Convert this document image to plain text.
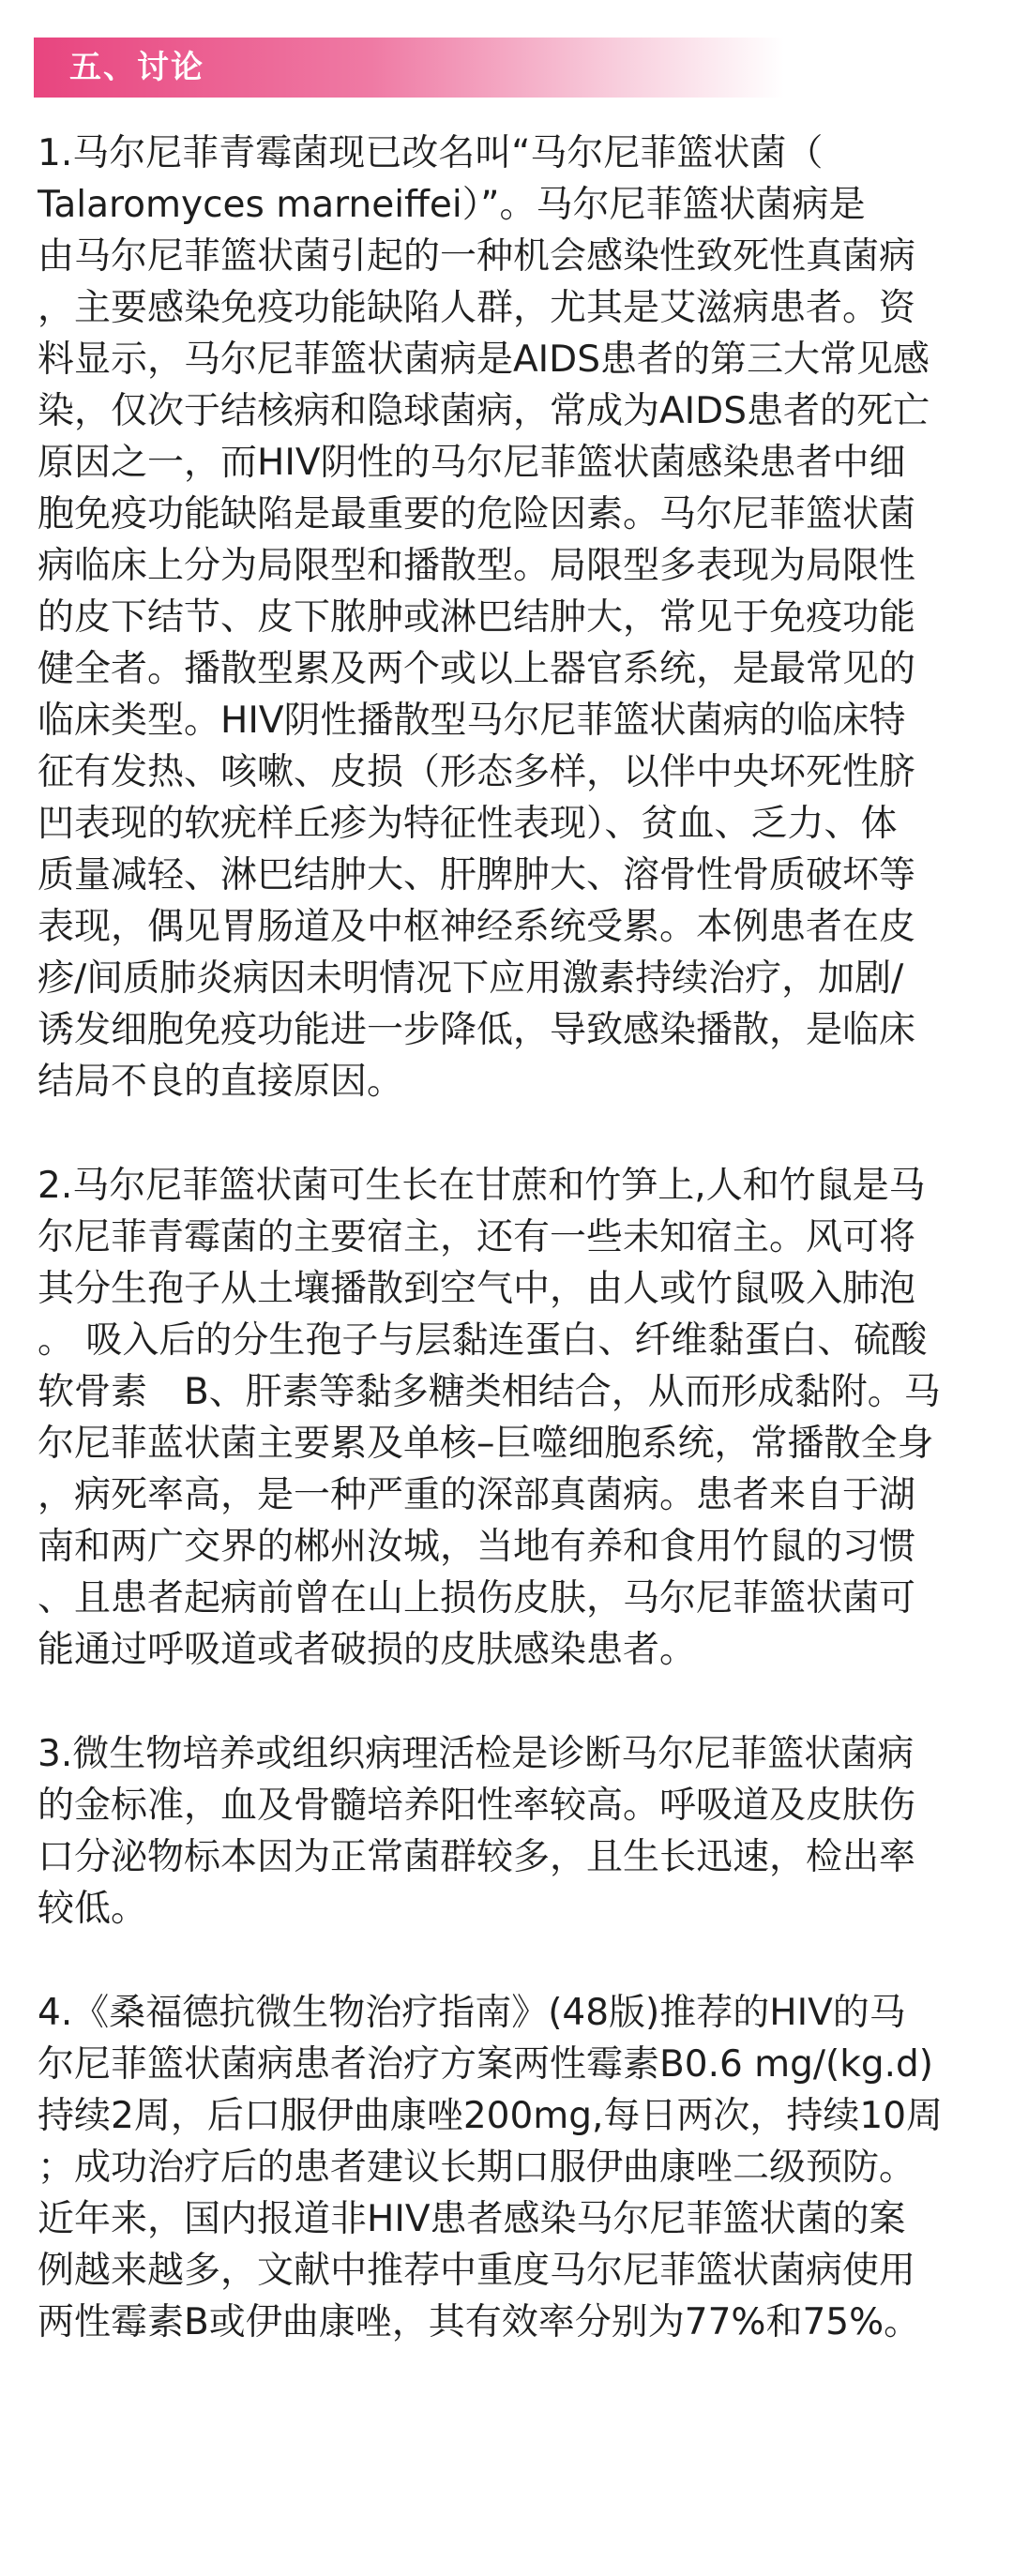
五、讨论
1.马尔尼菲青霉菌现已改名叫“马尔尼菲篮状菌（
Talaromyces marneiffei）”。马尔尼菲篮状菌病是
由马尔尼菲篮状菌引起的一种机会感染性致死性真菌病
，主要感染免疫功能缺陷人群，尤其是艾滋病患者。资
料显示，马尔尼菲篮状菌病是AIDS患者的第三大常见感
染，仅次于结核病和隐球菌病，常成为AIDS患者的死亡
原因之一，而HIV阴性的马尔尼菲篮状菌感染患者中细
胞免疫功能缺陷是最重要的危险因素。马尔尼菲篮状菌
病临床上分为局限型和播散型。局限型多表现为局限性
的皮下结节、皮下脓肿或淋巴结肿大，常见于免疫功能
健全者。播散型累及两个或以上器官系统，是最常见的
临床类型。HIV阴性播散型马尔尼菲篮状菌病的临床特
征有发热、咳嗽、皮损（形态多样，以伴中央坏死性脐
凹表现的软疣样丘疹为特征性表现）、贫血、乏力、体
质量减轻、淋巴结肿大、肝脾肿大、溶骨性骨质破坏等
表现，偶见胃肠道及中枢神经系统受累。本例患者在皮
疹/间质肺炎病因未明情况下应用激素持续治疗，加剧/
诱发细胞免疫功能进一步降低，导致感染播散，是临床
结局不良的直接原因。
2.马尔尼菲篮状菌可生长在甘蔗和竹笋上,人和竹鼠是马
尔尼菲青霉菌的主要宿主，还有一些未知宿主。风可将
其分生孢子从土壤播散到空气中，由人或竹鼠吸入肺泡
。 吸入后的分生孢子与层黏连蛋白、纤维黏蛋白、硫酸
软骨素　B、肝素等黏多糖类相结合，从而形成黏附。马
尔尼菲蓝状菌主要累及单核–巨噬细胞系统，常播散全身
，病死率高，是一种严重的深部真菌病。患者来自于湖
南和两广交界的郴州汝城，当地有养和食用竹鼠的习惯
、且患者起病前曾在山上损伤皮肤，马尔尼菲篮状菌可
能通过呼吸道或者破损的皮肤感染患者。
3.微生物培养或组织病理活检是诊断马尔尼菲篮状菌病
的金标准，血及骨髓培养阳性率较高。呼吸道及皮肤伤
口分泌物标本因为正常菌群较多，且生长迅速，检出率
较低。
4.《桑福德抗微生物治疗指南》(48版)推荐的HIV的马
尔尼菲篮状菌病患者治疗方案两性霉素B0.6 mg/(kg.d)
持续2周，后口服伊曲康唑200mg,每日两次，持续10周
；成功治疗后的患者建议长期口服伊曲康唑二级预防。
近年来，国内报道非HIV患者感染马尔尼菲篮状菌的案
例越来越多，文献中推荐中重度马尔尼菲篮状菌病使用
两性霉素B或伊曲康唑，其有效率分别为77%和75%。
